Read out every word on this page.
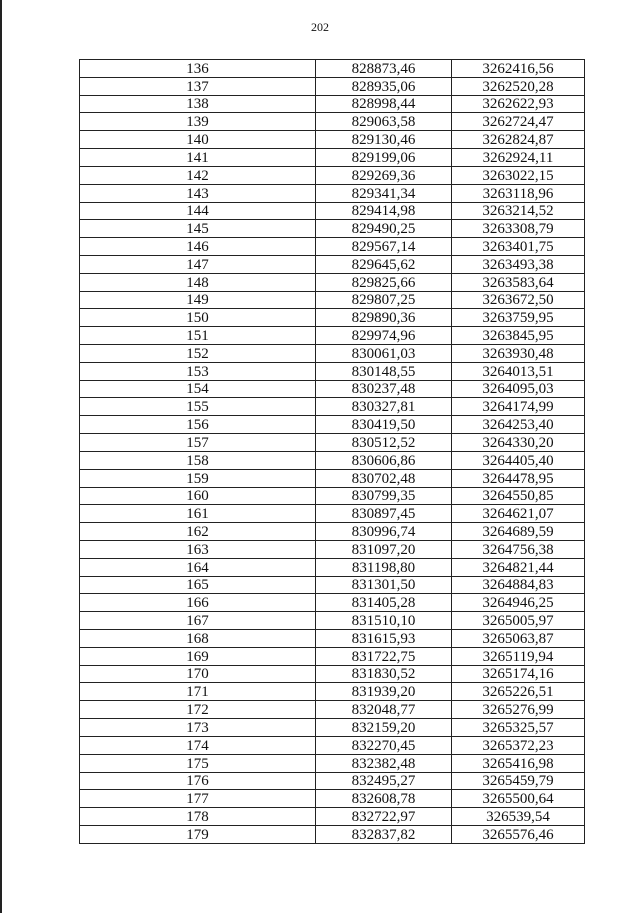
202
136	828873,46	3262416,56
137	828935,06	3262520,28
138	828998,44	3262622,93
139	829063,58	3262724,47
140	829130,46	3262824,87
141	829199,06	3262924,11
142	829269,36	3263022,15
143	829341,34	3263118,96
144	829414,98	3263214,52
145	829490,25	3263308,79
146	829567,14	3263401,75
147	829645,62	3263493,38
148	829825,66	3263583,64
149	829807,25	3263672,50
150	829890,36	3263759,95
151	829974,96	3263845,95
152	830061,03	3263930,48
153	830148,55	3264013,51
154	830237,48	3264095,03
155	830327,81	3264174,99
156	830419,50	3264253,40
157	830512,52	3264330,20
158	830606,86	3264405,40
159	830702,48	3264478,95
160	830799,35	3264550,85
161	830897,45	3264621,07
162	830996,74	3264689,59
163	831097,20	3264756,38
164	831198,80	3264821,44
165	831301,50	3264884,83
166	831405,28	3264946,25
167	831510,10	3265005,97
168	831615,93	3265063,87
169	831722,75	3265119,94
170	831830,52	3265174,16
171	831939,20	3265226,51
172	832048,77	3265276,99
173	832159,20	3265325,57
174	832270,45	3265372,23
175	832382,48	3265416,98
176	832495,27	3265459,79
177	832608,78	3265500,64
178	832722,97	326539,54
179	832837,82	3265576,46
